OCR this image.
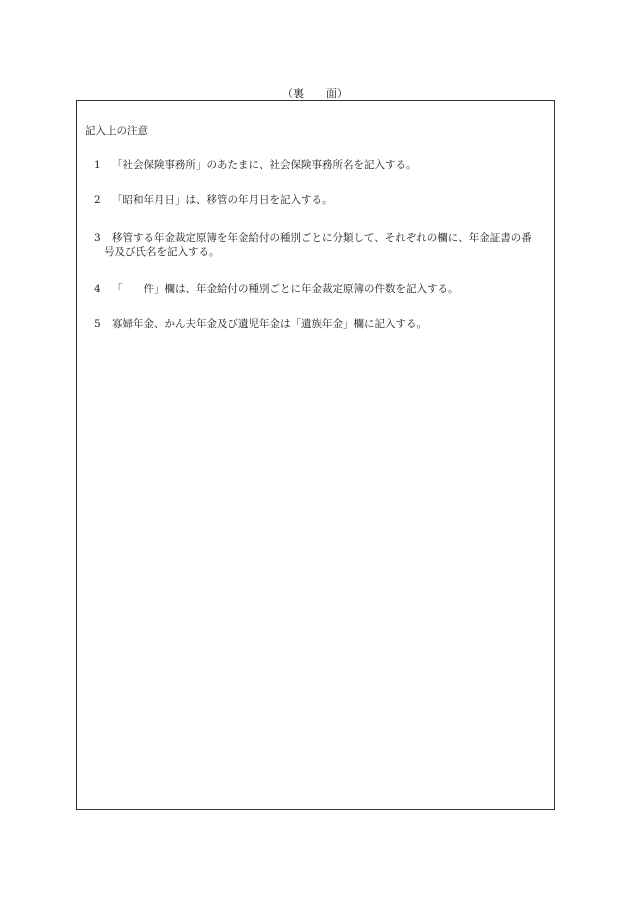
（裏　　面）
記入上の注意
1 「社会保険事務所」のあたまに、社会保険事務所名を記入する。
2 「昭和年月日」は、移管の年月日を記入する。
3 移管する年金裁定原簿を年金給付の種別ごとに分類して、それぞれの欄に、年金証書の番
号及び氏名を記入する。
4 「　　件」欄は、年金給付の種別ごとに年金裁定原簿の件数を記入する。
5 寡婦年金、かん夫年金及び遺児年金は「遺族年金」欄に記入する。
